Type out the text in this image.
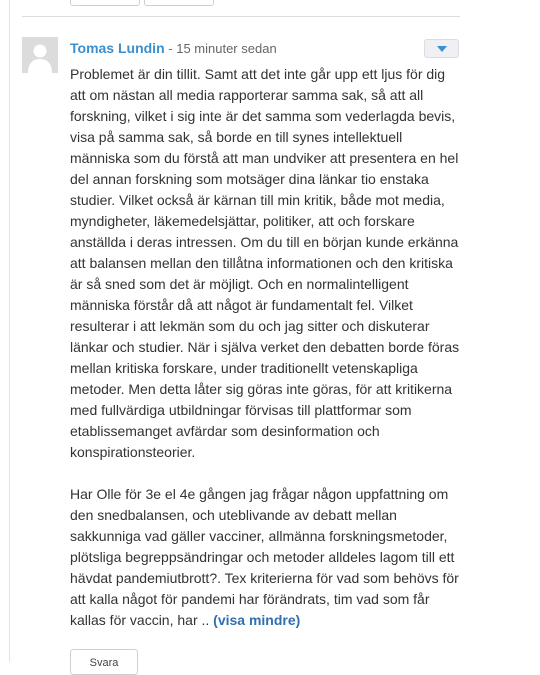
Tomas Lundin - 15 minuter sedan

Problemet är din tillit. Samt att det inte går upp ett ljus för dig att om nästan all media rapporterar samma sak, så att all forskning, vilket i sig inte är det samma som vederlagda bevis, visa på samma sak, så borde en till synes intellektuell människa som du förstå att man undviker att presentera en hel del annan forskning som motsäger dina länkar tio enstaka studier. Vilket också är kärnan till min kritik, både mot media, myndigheter, läkemedelsjättar, politiker, att och forskare anställda i deras intressen. Om du till en början kunde erkänna att balansen mellan den tillåtna informationen och den kritiska är så sned som det är möjligt. Och en normalintelligent människa förstår då att något är fundamentalt fel. Vilket resulterar i att lekmän som du och jag sitter och diskuterar länkar och studier. När i själva verket den debatten borde föras mellan kritiska forskare, under traditionellt vetenskapliga metoder. Men detta låter sig göras inte göras, för att kritikerna med fullvärdiga utbildningar förvisas till plattformar som etablissemanget avfärdar som desinformation och konspirationsteorier.

Har Olle för 3e el 4e gången jag frågar någon uppfattning om den snedbalansen, och uteblivande av debatt mellan sakkunniga vad gäller vacciner, allmänna forskningsmetoder, plötsliga begreppsändringar och metoder alldeles lagom till ett hävdat pandemiutbrott?. Tex kriterierna för vad som behövs för att kalla något för pandemi har förändrats, tim vad som får kallas för vaccin, har .. (visa mindre)

Svara
